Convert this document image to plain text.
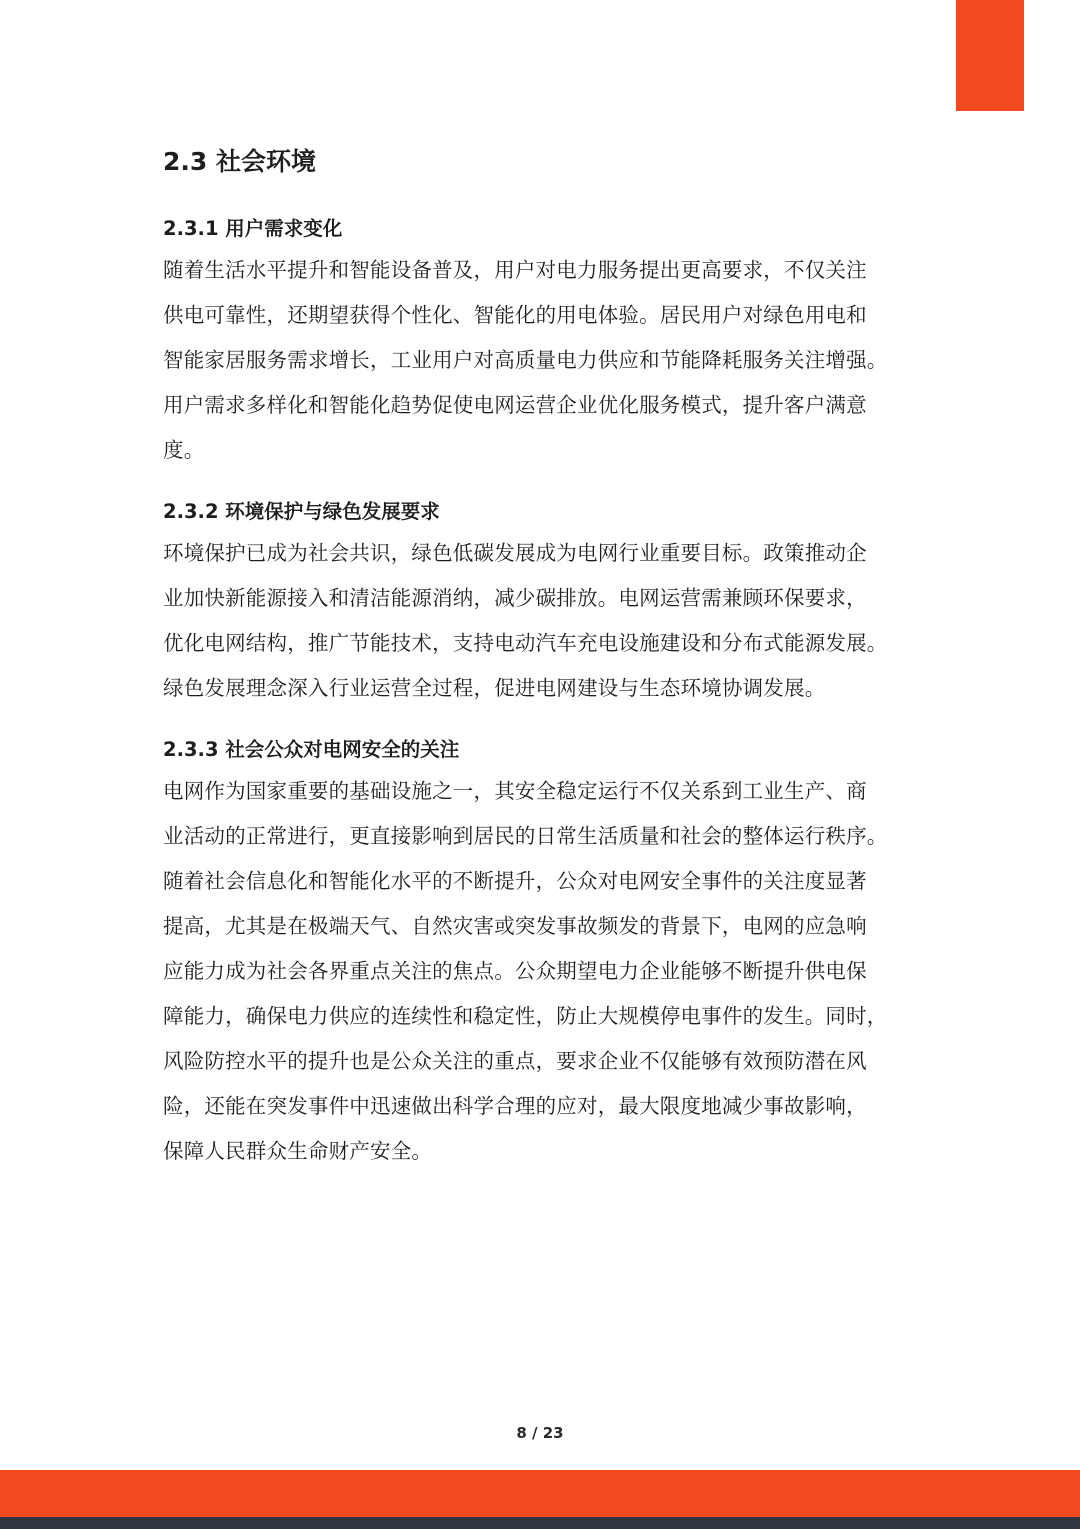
2.3 社会环境
2.3.1 用户需求变化
随着生活水平提升和智能设备普及，用户对电力服务提出更高要求，不仅关注
供电可靠性，还期望获得个性化、智能化的用电体验。居民用户对绿色用电和
智能家居服务需求增长，工业用户对高质量电力供应和节能降耗服务关注增强。
用户需求多样化和智能化趋势促使电网运营企业优化服务模式，提升客户满意
度。
2.3.2 环境保护与绿色发展要求
环境保护已成为社会共识，绿色低碳发展成为电网行业重要目标。政策推动企
业加快新能源接入和清洁能源消纳，减少碳排放。电网运营需兼顾环保要求，
优化电网结构，推广节能技术，支持电动汽车充电设施建设和分布式能源发展。
绿色发展理念深入行业运营全过程，促进电网建设与生态环境协调发展。
2.3.3 社会公众对电网安全的关注
电网作为国家重要的基础设施之一，其安全稳定运行不仅关系到工业生产、商
业活动的正常进行，更直接影响到居民的日常生活质量和社会的整体运行秩序。
随着社会信息化和智能化水平的不断提升，公众对电网安全事件的关注度显著
提高，尤其是在极端天气、自然灾害或突发事故频发的背景下，电网的应急响
应能力成为社会各界重点关注的焦点。公众期望电力企业能够不断提升供电保
障能力，确保电力供应的连续性和稳定性，防止大规模停电事件的发生。同时，
风险防控水平的提升也是公众关注的重点，要求企业不仅能够有效预防潜在风
险，还能在突发事件中迅速做出科学合理的应对，最大限度地减少事故影响，
保障人民群众生命财产安全。
8 / 23
